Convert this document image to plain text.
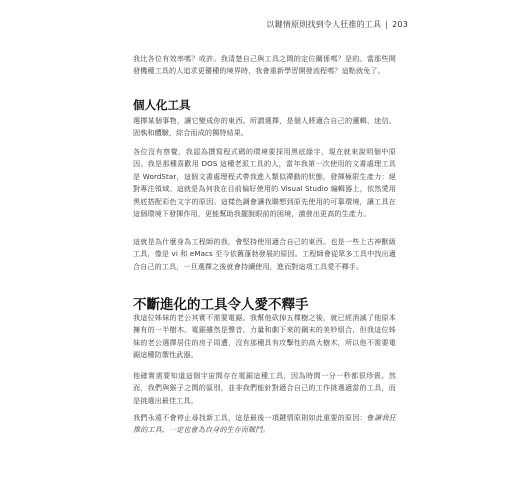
以鍵情原則找到令人狂推的工具 | 203

我比各位有效率嗎？或許。我清楚自己與工具之間的定位關係嗎？是的。當那些開發機種工具的人追求更優種的境界時，我會重新學習開發流程嗎？這點就免了。

個人化工具

選擇某個事物，讓它變成你的東西。所謂選擇，是個人將適合自己的邏輯、迷信、固執和體驗，綜合而成的獨特結果。

各位沒有察覺，我認為撰寫程式碼的環境要採用黑底綠字，現在就來說明個中原因。我是那種喜歡用 DOS 這種老派工具的人，當年我第一次使用的文書處理工具是 WordStar，這個文書處理程式帶我進入類似禪動的狀態，發揮極限生產力：絕對專注領域。這就是為何我在目前偏好使用的 Visual Studio 編輯器上，依然愛用黑底搭配彩色文字的原因。這樣色調會讓我聯想到原先使用的可靠環境，讓工具在這個環境下發揮作用，更能幫助我擺脫眼前的困境，激發出更高的生產力。

這就是為什麼身為工程師的我，會堅持使用適合自己的東西。也是一些上古神獸級工具，像是 vi 和 eMacs 至今依舊蓬勃發展的原因。工程師會從眾多工具中找出適合自己的工具，一旦選擇之後就會持續使用，進而對這項工具愛不釋手。

不斷進化的工具令人愛不釋手

我這位姊妹的老公其實不需要電鋸。我幫他砍掉五棵樹之後，就已經消滅了他原本擁有的一半樹木。電鋸雖然是聲音、力量和劇下來的鋼末的美妙組合，但我這位姊妹的老公選擇居住的房子周遭，沒有那種具有攻擊性的高大樹木，所以他不需要電鋸這種防禦性武器。

他確實需要知道這個宇宙間存在電鋸這種工具，因為時間一分一秒都很珍貴。然而，我們與猴子之間的區別，並非我們能針對適合自己的工作挑選適當的工具，而是挑選出最佳工具。

我們永遠不會停止尋找新工具，這是最後一項鍵情原則如此重要的原因：會讓我狂推的工具，一定也會為自身的生存而戰鬥。
